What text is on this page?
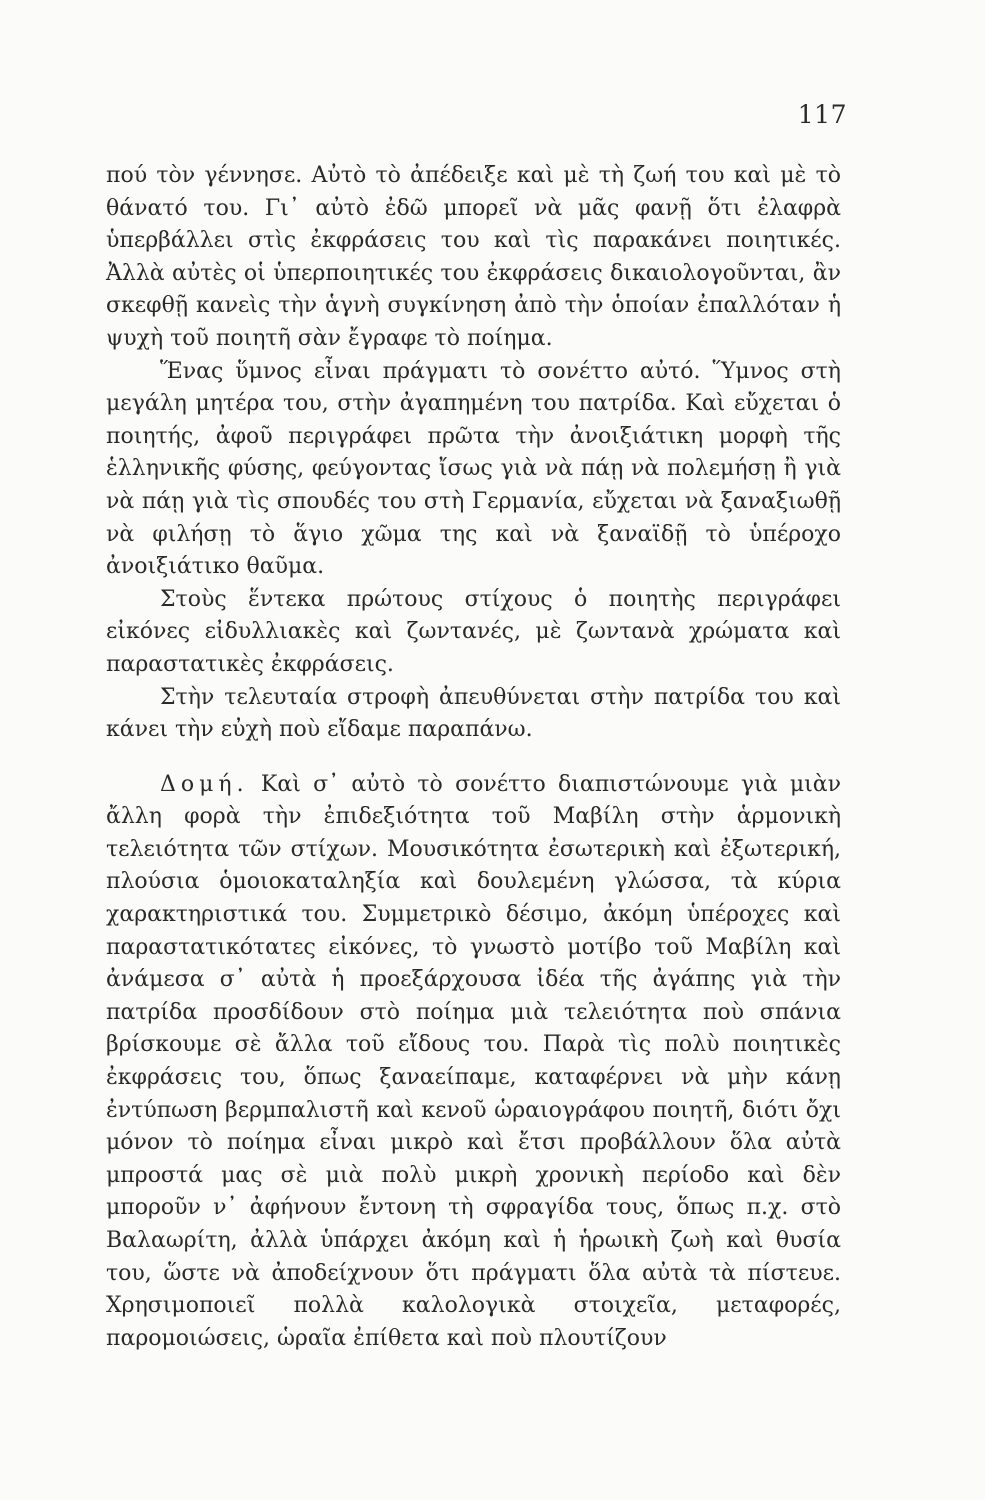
117

πού τὸν γέννησε. Αὐτὸ τὸ ἀπέδειξε καὶ μὲ τὴ ζωή του καὶ μὲ τὸ θάνατό του. Γι᾽ αὐτὸ ἐδῶ μπορεῖ νὰ μᾶς φανῇ ὅτι ἐλαφρὰ ὑπερβάλλει στὶς ἐκφράσεις του καὶ τὶς παρακάνει ποιητικές. Ἀλλὰ αὐτὲς οἱ ὑπερποιητικές του ἐκφράσεις δικαιολογοῦνται, ἂν σκεφθῇ κανεὶς τὴν ἁγνὴ συγκίνηση ἀπὸ τὴν ὁποίαν ἐπαλλόταν ἡ ψυχὴ τοῦ ποιητῆ σὰν ἔγραφε τὸ ποίημα.

Ἕνας ὕμνος εἶναι πράγματι τὸ σονέττο αὐτό. Ὕμνος στὴ μεγάλη μητέρα του, στὴν ἀγαπημένη του πατρίδα. Καὶ εὔχεται ὁ ποιητής, ἀφοῦ περιγράφει πρῶτα τὴν ἀνοιξιάτικη μορφὴ τῆς ἑλληνικῆς φύσης, φεύγοντας ἴσως γιὰ νὰ πάῃ νὰ πολεμήσῃ ἢ γιὰ νὰ πάῃ γιὰ τὶς σπουδές του στὴ Γερμανία, εὔχεται νὰ ξαναξιωθῇ νὰ φιλήσῃ τὸ ἅγιο χῶμα της καὶ νὰ ξαναϊδῇ τὸ ὑπέροχο ἀνοιξιάτικο θαῦμα.

Στοὺς ἕντεκα πρώτους στίχους ὁ ποιητὴς περιγράφει εἰκόνες εἰδυλλιακὲς καὶ ζωντανές, μὲ ζωντανὰ χρώματα καὶ παραστατικὲς ἐκφράσεις.

Στὴν τελευταία στροφὴ ἀπευθύνεται στὴν πατρίδα του καὶ κάνει τὴν εὐχὴ ποὺ εἴδαμε παραπάνω.

Δομή. Καὶ σ᾽ αὐτὸ τὸ σονέττο διαπιστώνουμε γιὰ μιὰν ἄλλη φορὰ τὴν ἐπιδεξιότητα τοῦ Μαβίλη στὴν ἁρμονικὴ τελειότητα τῶν στίχων. Μουσικότητα ἐσωτερικὴ καὶ ἐξωτερική, πλούσια ὁμοιοκαταληξία καὶ δουλεμένη γλώσσα, τὰ κύρια χαρακτηριστικά του. Συμμετρικὸ δέσιμο, ἀκόμη ὑπέροχες καὶ παραστατικότατες εἰκόνες, τὸ γνωστὸ μοτίβο τοῦ Μαβίλη καὶ ἀνάμεσα σ᾽ αὐτὰ ἡ προεξάρχουσα ἰδέα τῆς ἀγάπης γιὰ τὴν πατρίδα προσδίδουν στὸ ποίημα μιὰ τελειότητα ποὺ σπάνια βρίσκουμε σὲ ἄλλα τοῦ εἴδους του. Παρὰ τὶς πολὺ ποιητικὲς ἐκφράσεις του, ὅπως ξαναείπαμε, καταφέρνει νὰ μὴν κάνῃ ἐντύπωση βερμπαλιστῆ καὶ κενοῦ ὡραιογράφου ποιητῆ, διότι ὄχι μόνον τὸ ποίημα εἶναι μικρὸ καὶ ἔτσι προβάλλουν ὅλα αὐτὰ μπροστά μας σὲ μιὰ πολὺ μικρὴ χρονικὴ περίοδο καὶ δὲν μποροῦν ν᾽ ἀφήνουν ἔντονη τὴ σφραγίδα τους, ὅπως π.χ. στὸ Βαλαωρίτη, ἀλλὰ ὑπάρχει ἀκόμη καὶ ἡ ἡρωικὴ ζωὴ καὶ θυσία του, ὥστε νὰ ἀποδείχνουν ὅτι πράγματι ὅλα αὐτὰ τὰ πίστευε. Χρησιμοποιεῖ πολλὰ καλολογικὰ στοιχεῖα, μεταφορές, παρομοιώσεις, ὡραῖα ἐπίθετα καὶ ποὺ πλουτίζουν
